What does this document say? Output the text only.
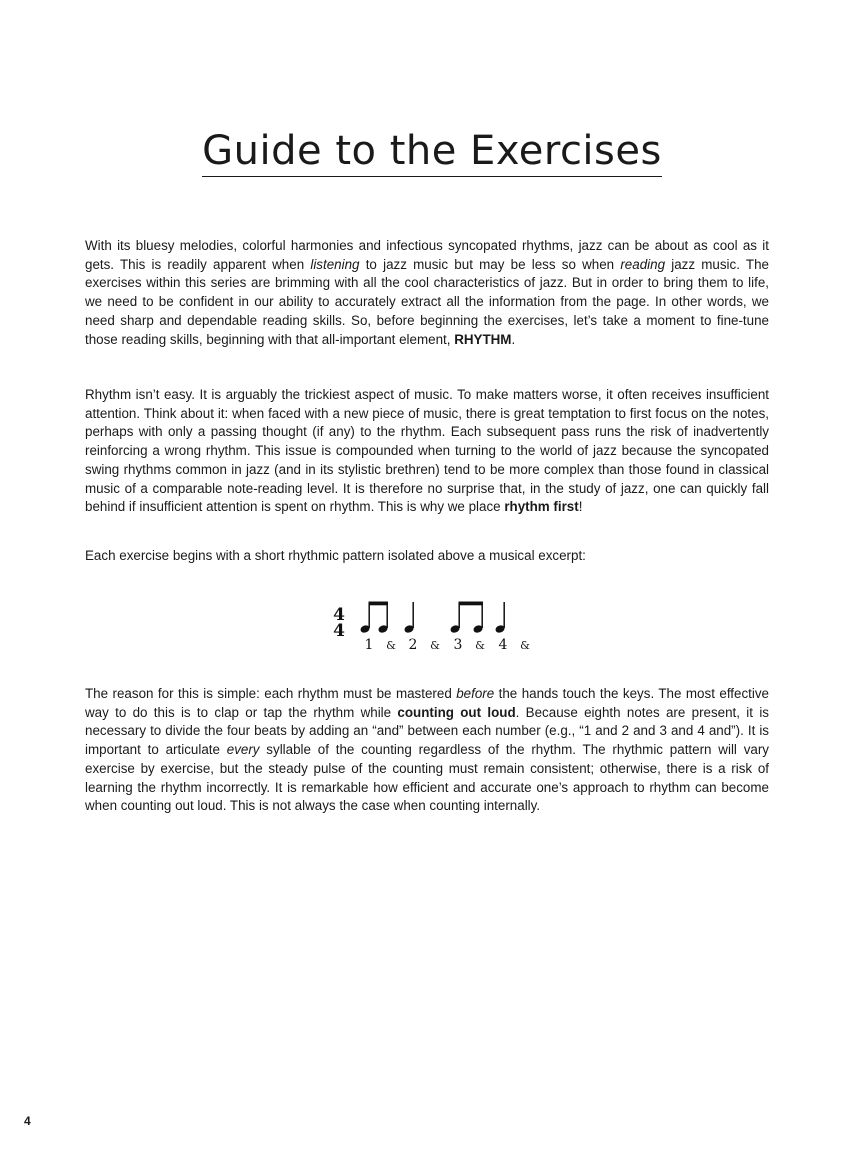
Guide to the Exercises

With its bluesy melodies, colorful harmonies and infectious syncopated rhythms, jazz can be about as cool as it gets. This is readily apparent when listening to jazz music but may be less so when reading jazz music. The exercises within this series are brimming with all the cool characteristics of jazz. But in order to bring them to life, we need to be confident in our ability to accurately extract all the information from the page. In other words, we need sharp and dependable reading skills. So, before beginning the exercises, let’s take a moment to fine-tune those reading skills, beginning with that all-important element, RHYTHM.

Rhythm isn’t easy. It is arguably the trickiest aspect of music. To make matters worse, it often receives insufficient attention. Think about it: when faced with a new piece of music, there is great temptation to first focus on the notes, perhaps with only a passing thought (if any) to the rhythm. Each subsequent pass runs the risk of inadvertently reinforcing a wrong rhythm. This issue is compounded when turning to the world of jazz because the syncopated swing rhythms common in jazz (and in its stylistic brethren) tend to be more complex than those found in classical music of a comparable note-reading level. It is therefore no surprise that, in the study of jazz, one can quickly fall behind if insufficient attention is spent on rhythm. This is why we place rhythm first!

Each exercise begins with a short rhythmic pattern isolated above a musical excerpt:

4
4
1 & 2 & 3 & 4 &

The reason for this is simple: each rhythm must be mastered before the hands touch the keys. The most effective way to do this is to clap or tap the rhythm while counting out loud. Because eighth notes are present, it is necessary to divide the four beats by adding an “and” between each number (e.g., “1 and 2 and 3 and 4 and”). It is important to articulate every syllable of the counting regardless of the rhythm. The rhythmic pattern will vary exercise by exercise, but the steady pulse of the counting must remain consistent; otherwise, there is a risk of learning the rhythm incorrectly. It is remarkable how efficient and accurate one’s approach to rhythm can become when counting out loud. This is not always the case when counting internally.

4
